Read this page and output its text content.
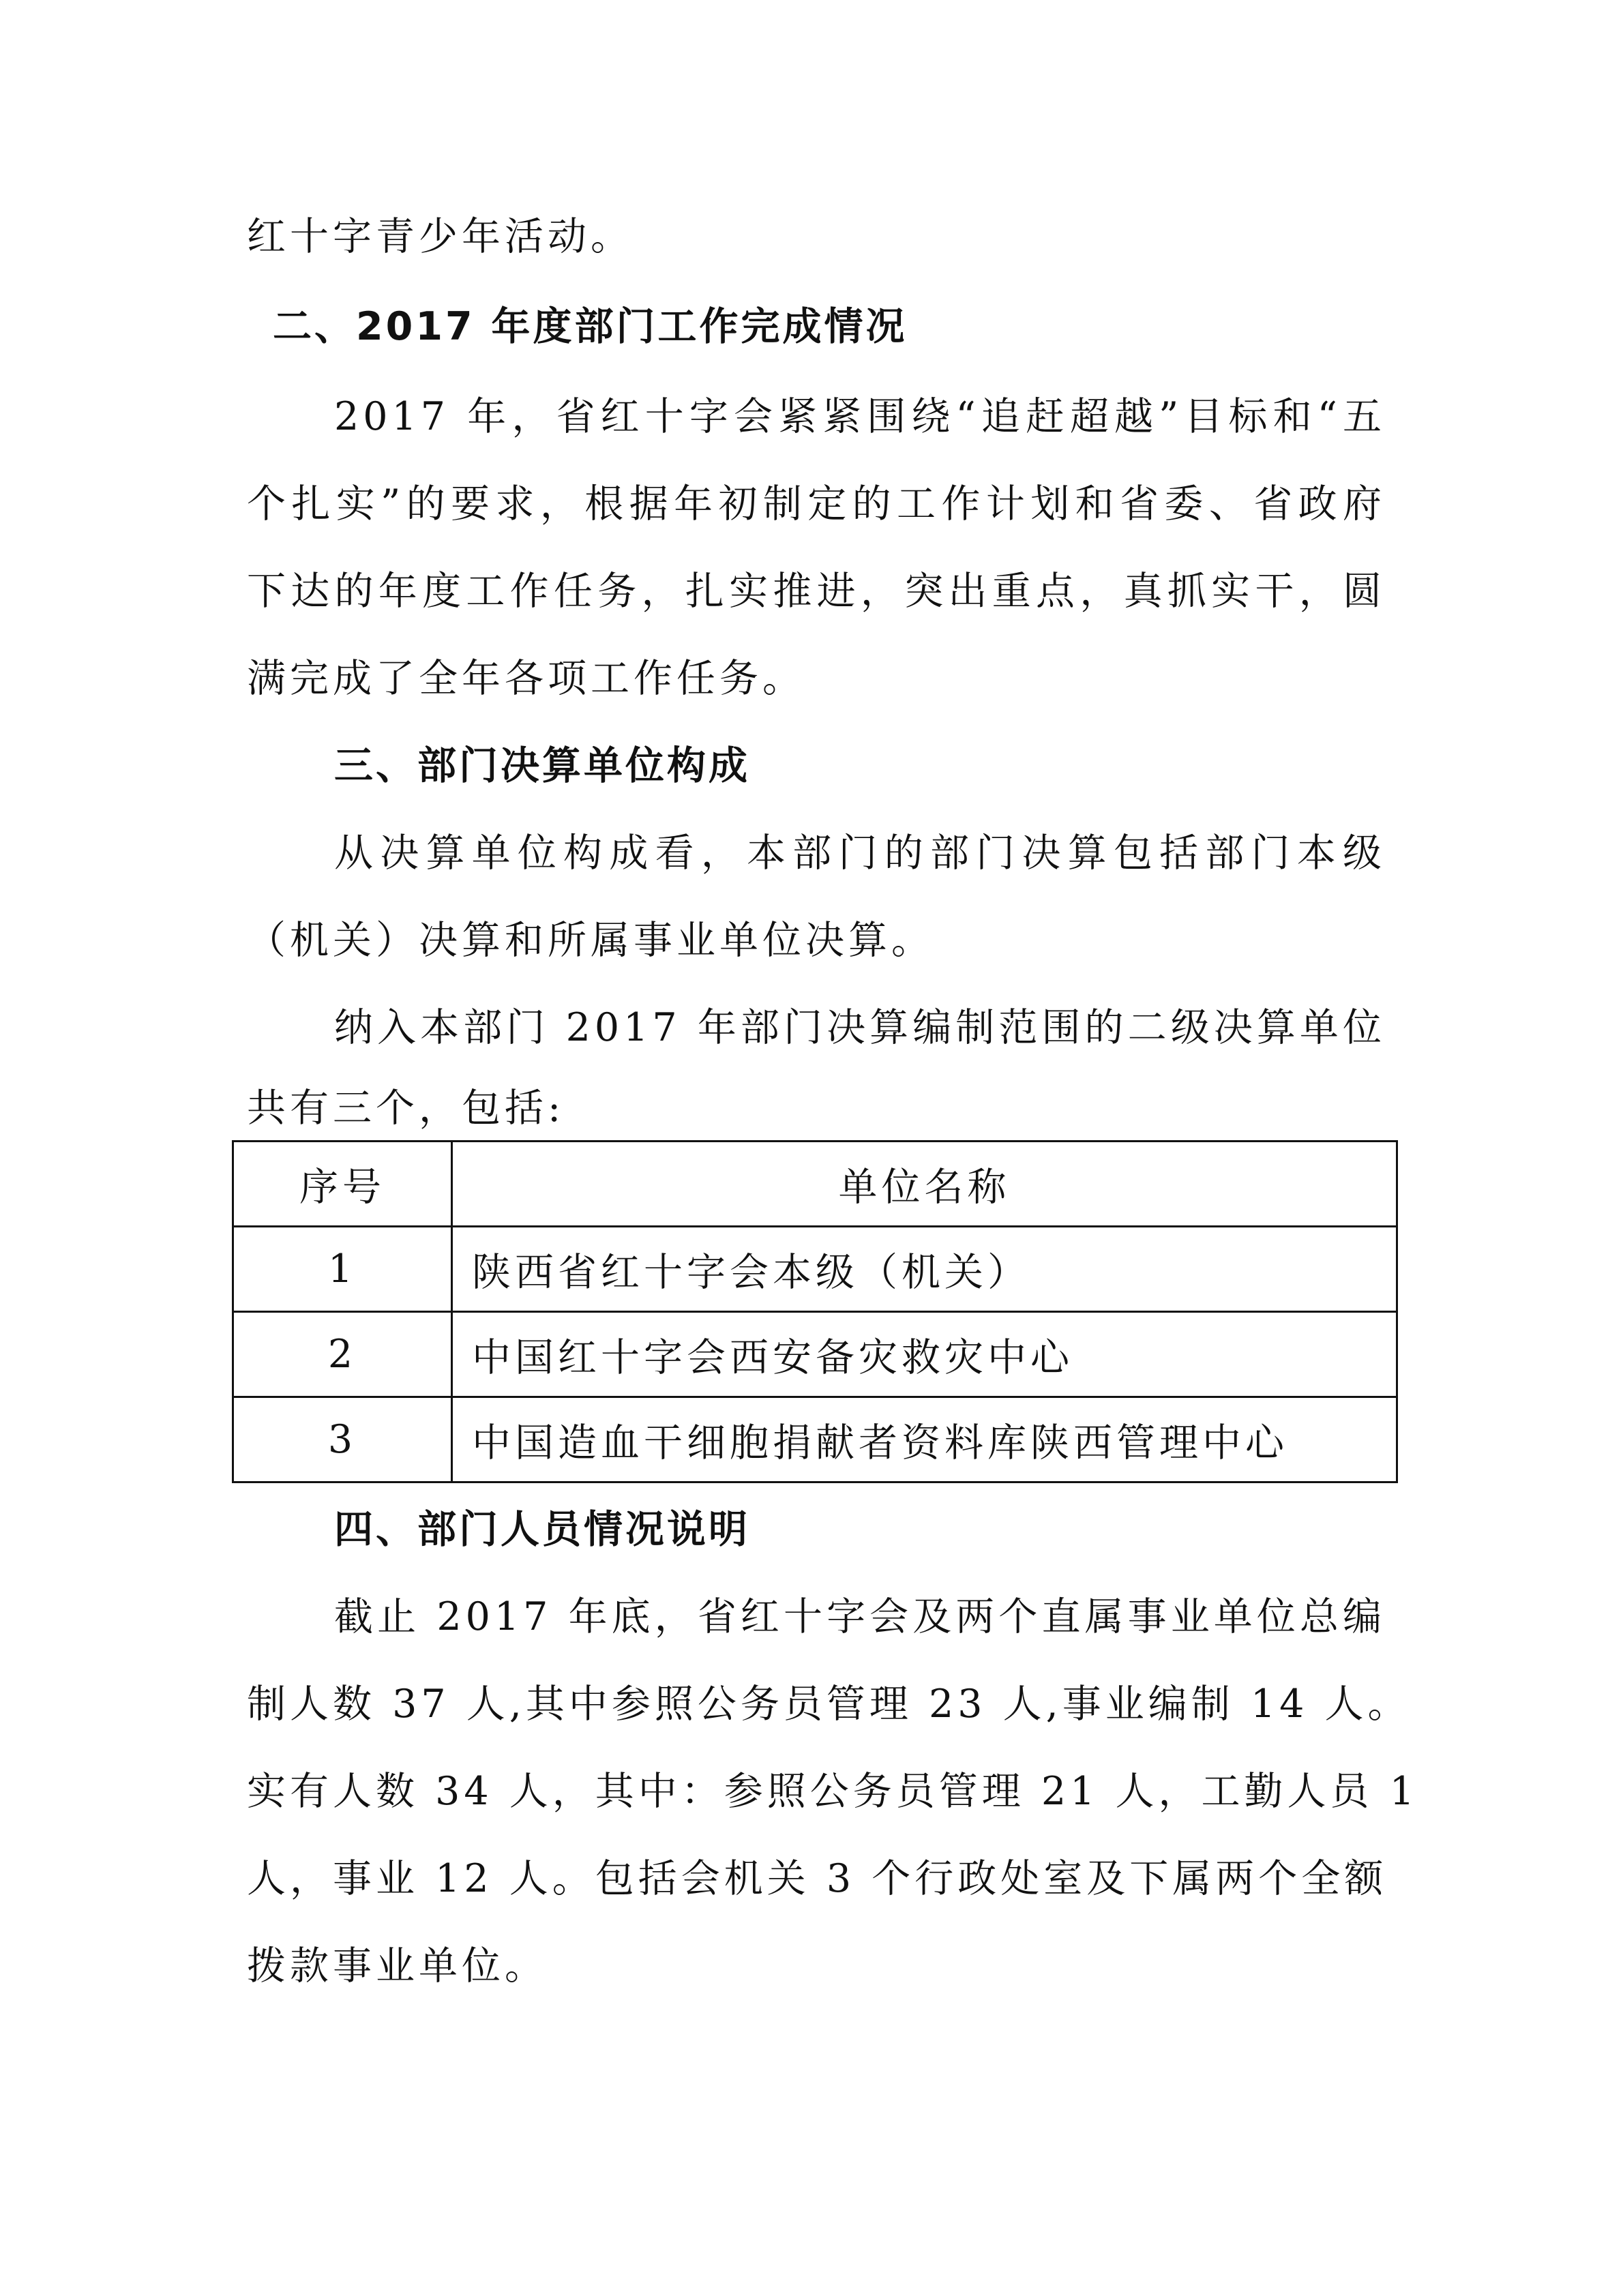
红十字青少年活动。
二、2017 年度部门工作完成情况
2017 年，省红十字会紧紧围绕“追赶超越”目标和“五
个扎实”的要求，根据年初制定的工作计划和省委、省政府
下达的年度工作任务，扎实推进，突出重点，真抓实干，圆
满完成了全年各项工作任务。
三、部门决算单位构成
从决算单位构成看，本部门的部门决算包括部门本级
（机关）决算和所属事业单位决算。
纳入本部门 2017 年部门决算编制范围的二级决算单位
共有三个，包括:
序号	单位名称
1	陕西省红十字会本级（机关）
2	中国红十字会西安备灾救灾中心
3	中国造血干细胞捐献者资料库陕西管理中心
四、部门人员情况说明
截止 2017 年底，省红十字会及两个直属事业单位总编
制人数 37 人,其中参照公务员管理 23 人,事业编制 14 人。
实有人数 34 人，其中：参照公务员管理 21 人，工勤人员 1
人，事业 12 人。包括会机关 3 个行政处室及下属两个全额
拨款事业单位。
